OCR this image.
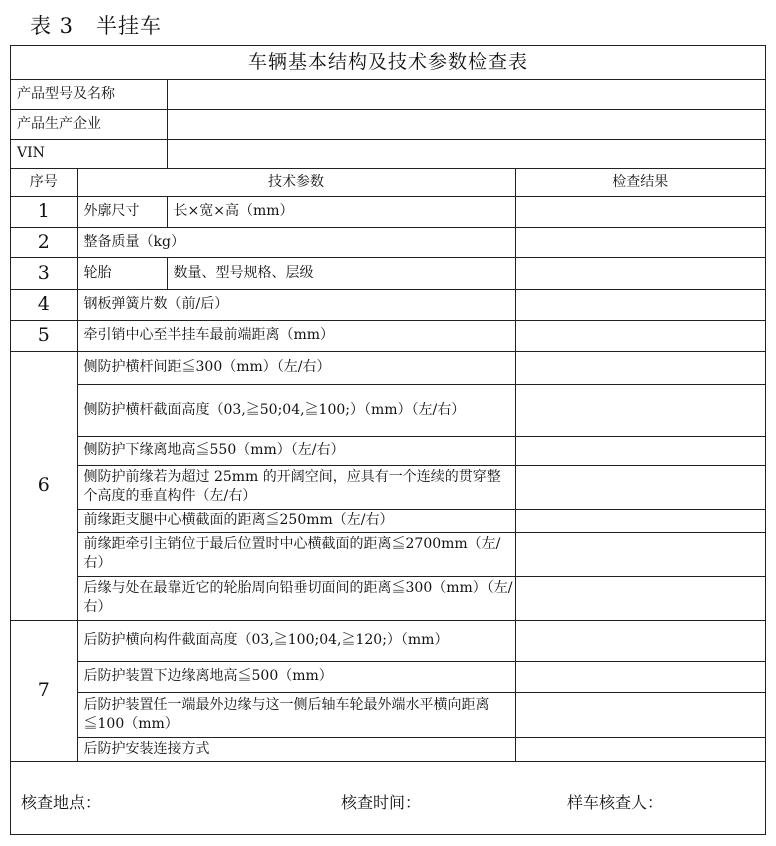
表 3 半挂车
车辆基本结构及技术参数检查表			
产品型号及名称			
产品生产企业			
VIN			
序号	技术参数		检查结果
1	外廓尺寸	长×宽×高（mm）	
2	整备质量（kg）		
3	轮胎	数量、型号规格、层级	
4	钢板弹簧片数（前/后）		
5	牵引销中心至半挂车最前端距离（mm）		
6	侧防护横杆间距≦300（mm）（左/右）		
	侧防护横杆截面高度（03,≧50;04,≧100;）（mm）（左/右）		
	侧防护下缘离地高≦550（mm）（左/右）		
	侧防护前缘若为超过 25mm 的开阔空间，应具有一个连续的贯穿整个高度的垂直构件（左/右）		
	前缘距支腿中心横截面的距离≦250mm（左/右）		
	前缘距牵引主销位于最后位置时中心横截面的距离≦2700mm（左/右）		
	后缘与处在最靠近它的轮胎周向铅垂切面间的距离≦300（mm）（左/右）		
7	后防护横向构件截面高度（03,≧100;04,≧120;）（mm）		
	后防护装置下边缘离地高≦500（mm）		
	后防护装置任一端最外边缘与这一侧后轴车轮最外端水平横向距离≦100（mm）		
	后防护安装连接方式		
核查地点：	核查时间：	样车核查人：
